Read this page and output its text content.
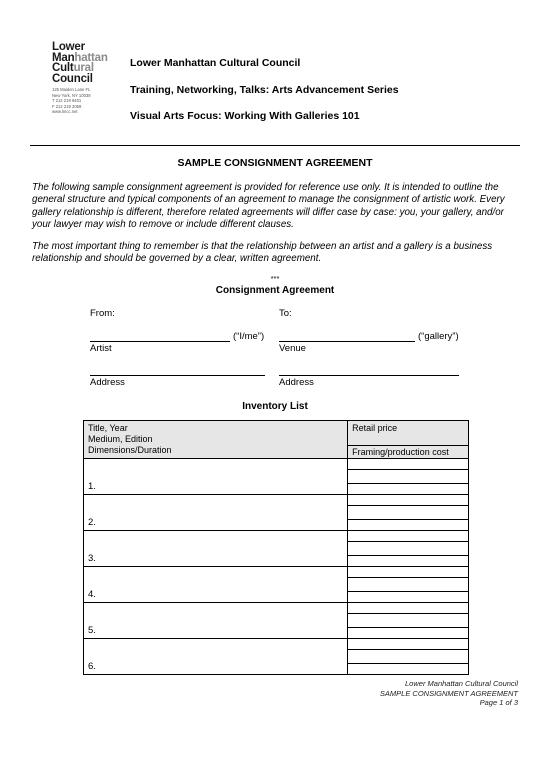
Lower
Manhattan
Cultural
Council
125 Maiden Lane FL
New York, NY 10038
T 212 219 9401
F 212 219 2059
www.lmcc.net
Lower Manhattan Cultural Council
Training, Networking, Talks: Arts Advancement Series
Visual Arts Focus: Working With Galleries 101
SAMPLE CONSIGNMENT AGREEMENT
The following sample consignment agreement is provided for reference use only. It is intended to outline the general structure and typical components of an agreement to manage the consignment of artistic work. Every gallery relationship is different, therefore related agreements will differ case by case: you, your gallery, and/or your lawyer may wish to remove or include different clauses.
The most important thing to remember is that the relationship between an artist and a gallery is a business relationship and should be governed by a clear, written agreement.
***
Consignment Agreement
From:	To:
(“I/me”)	(“gallery”)
Artist	Venue
Address	Address
Inventory List
Title, Year
Medium, Edition
Dimensions/Duration	Retail price
	Framing/production cost

1.	

2.	

3.	

4.	

5.	

6.	

Lower Manhattan Cultural Council
SAMPLE CONSIGNMENT AGREEMENT
Page 1 of 3
